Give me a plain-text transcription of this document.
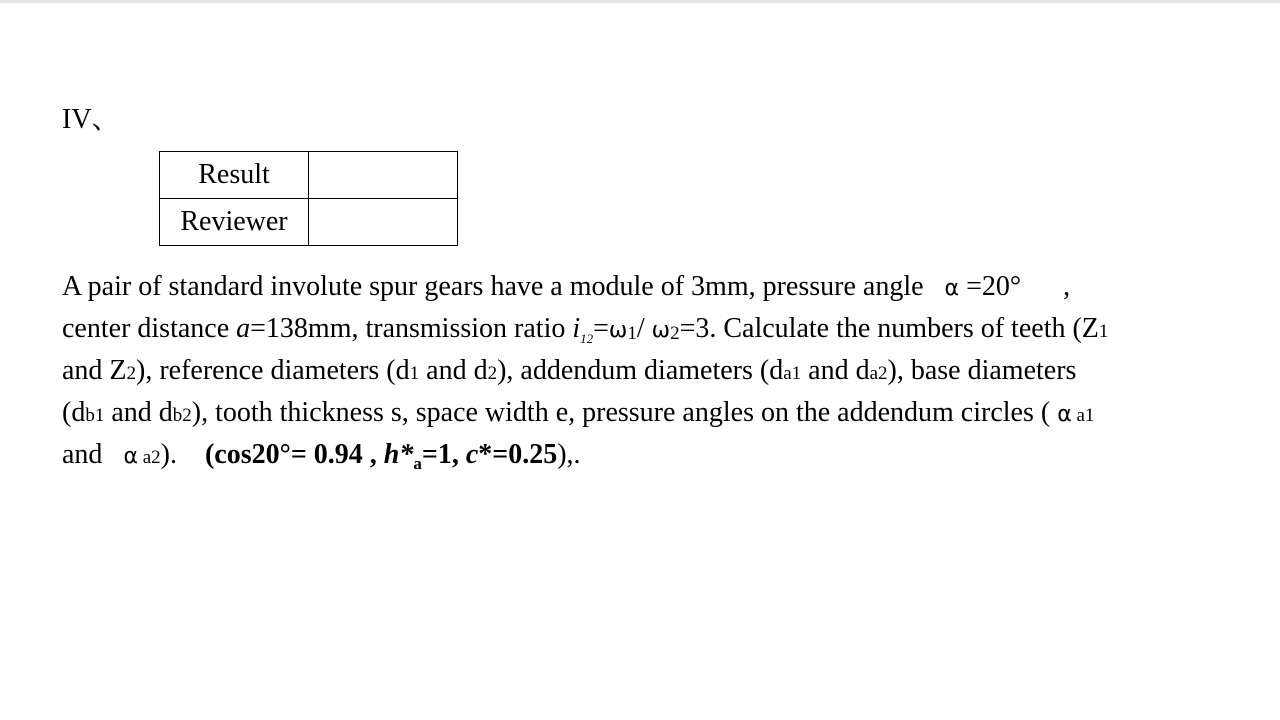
IV、
Result	
Reviewer	
A pair of standard involute spur gears have a module of 3mm, pressure angle α =20° ,
center distance a=138mm, transmission ratio $i_{12}=\omega 1/$ ω2=3. Calculate the numbers of teeth (Z1
and Z2), reference diameters (d1 and d2), addendum diameters (da1 and da2), base diameters
(db1 and db2), tooth thickness s, space width e, pressure angles on the addendum circles ( α a1
and   α a2). (cos20°= 0.94 , $h*_a=1$, c*=0.25),.
